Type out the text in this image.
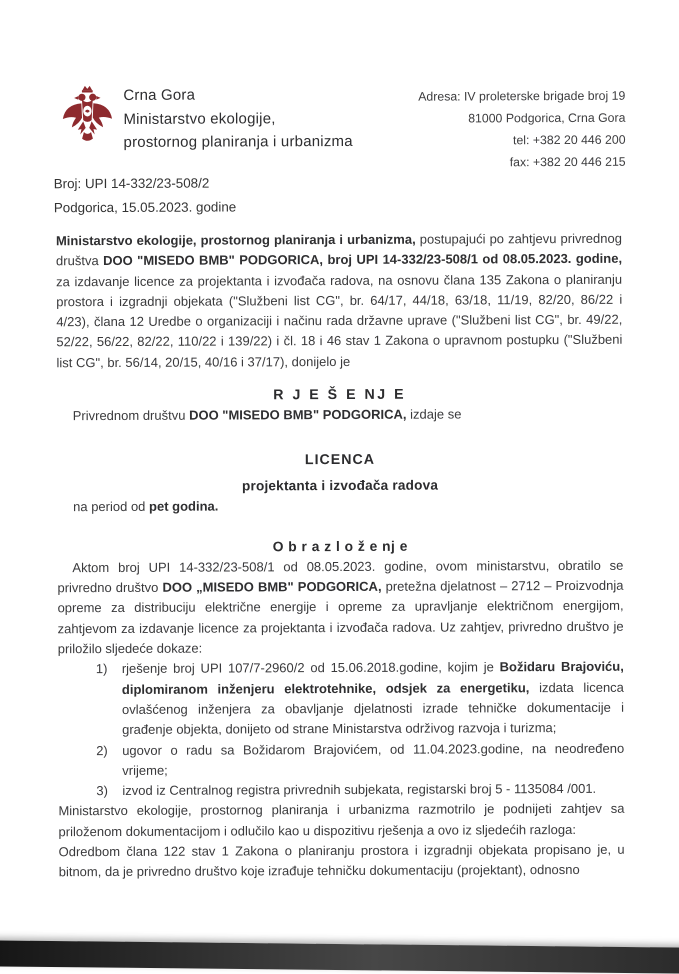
Crna Gora
Ministarstvo ekologije,
prostornog planiranja i urbanizma
Adresa: IV proleterske brigade broj 19
81000 Podgorica, Crna Gora
tel: +382 20 446 200
fax: +382 20 446 215
Broj: UPI 14-332/23-508/2
Podgorica, 15.05.2023. godine

Ministarstvo ekologije, prostornog planiranja i urbanizma, postupajući po zahtjevu privrednog društva DOO "MISEDO BMB" PODGORICA, broj UPI 14-332/23-508/1 od 08.05.2023. godine, za izdavanje licence za projektanta i izvođača radova, na osnovu člana 135 Zakona o planiranju prostora i izgradnji objekata ("Službeni list CG", br. 64/17, 44/18, 63/18, 11/19, 82/20, 86/22 i 4/23), člana 12 Uredbe o organizaciji i načinu rada državne uprave ("Službeni list CG", br. 49/22, 52/22, 56/22, 82/22, 110/22 i 139/22) i čl. 18 i 46 stav 1 Zakona o upravnom postupku ("Službeni list CG", br. 56/14, 20/15, 40/16 i 37/17), donijelo je

R J E Š E NJ E

Privrednom društvu DOO "MISEDO BMB" PODGORICA, izdaje se

LICENCA
projektanta i izvođača radova

na period od pet godina.

O b r a z l o ž e nj e

Aktom broj UPI 14-332/23-508/1 od 08.05.2023. godine, ovom ministarstvu, obratilo se privredno društvo DOO „MISEDO BMB" PODGORICA, pretežna djelatnost – 2712 – Proizvodnja opreme za distribuciju električne energije i opreme za upravljanje električnom energijom, zahtjevom za izdavanje licence za projektanta i izvođača radova. Uz zahtjev, privredno društvo je priložilo sljedeće dokaze:

1)	rješenje broj UPI 107/7-2960/2 od 15.06.2018.godine, kojim je Božidaru Brajoviću, diplomiranom inženjeru elektrotehnike, odsjek za energetiku, izdata licenca ovlašćenog inženjera za obavljanje djelatnosti izrade tehničke dokumentacije i građenje objekta, donijeto od strane Ministarstva održivog razvoja i turizma;
2)	ugovor o radu sa Božidarom Brajovićem, od 11.04.2023.godine, na neodređeno vrijeme;
3)	izvod iz Centralnog registra privrednih subjekata, registarski broj 5 - 1135084 /001.

Ministarstvo ekologije, prostornog planiranja i urbanizma razmotrilo je podnijeti zahtjev sa priloženom dokumentacijom i odlučilo kao u dispozitivu rješenja a ovo iz sljedećih razloga:

Odredbom člana 122 stav 1 Zakona o planiranju prostora i izgradnji objekata propisano je, u bitnom, da je privredno društvo koje izrađuje tehničku dokumentaciju (projektant), odnosno
